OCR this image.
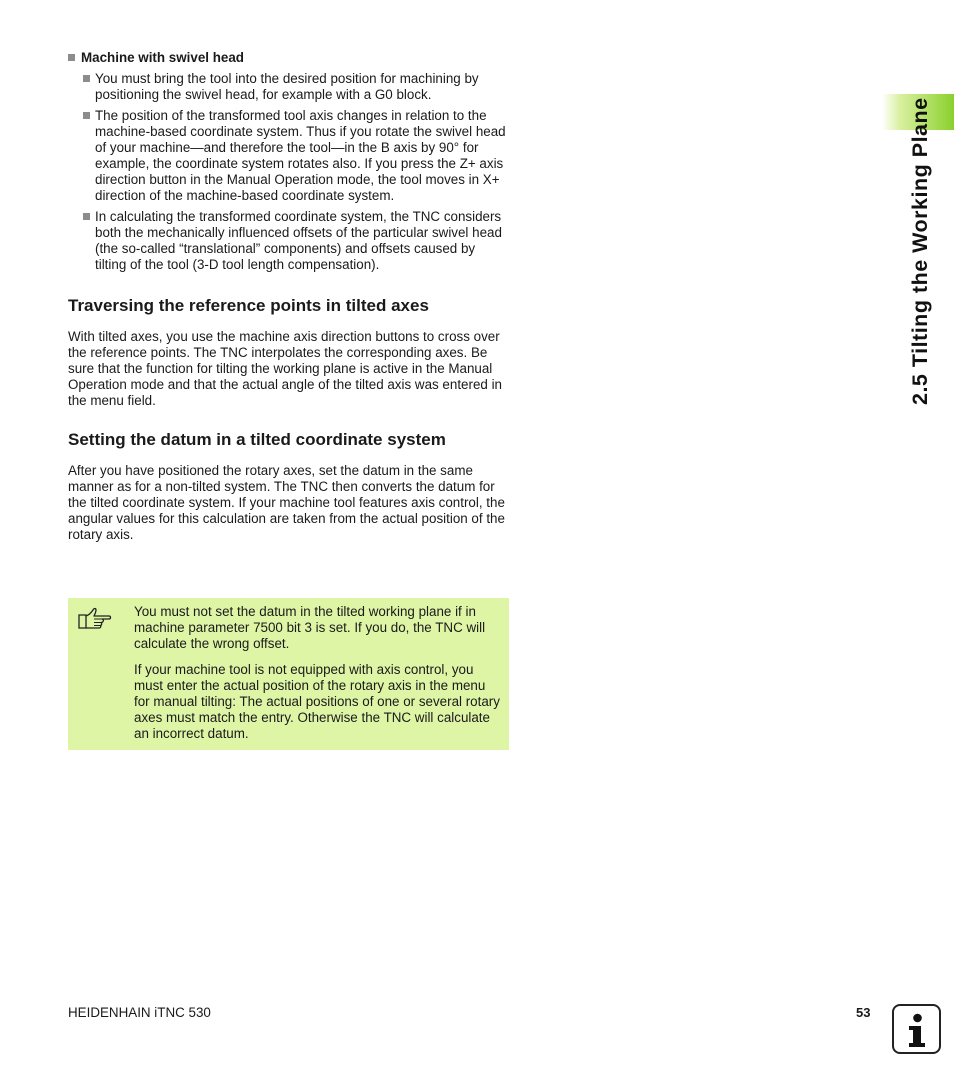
2.5 Tilting the Working Plane
Machine with swivel head
You must bring the tool into the desired position for machining by positioning the swivel head, for example with a G0 block.
The position of the transformed tool axis changes in relation to the machine-based coordinate system. Thus if you rotate the swivel head of your machine—and therefore the tool—in the B axis by 90° for example, the coordinate system rotates also. If you press the Z+ axis direction button in the Manual Operation mode, the tool moves in X+ direction of the machine-based coordinate system.
In calculating the transformed coordinate system, the TNC considers both the mechanically influenced offsets of the particular swivel head (the so-called “translational” components) and offsets caused by tilting of the tool (3-D tool length compensation).
Traversing the reference points in tilted axes

With tilted axes, you use the machine axis direction buttons to cross over the reference points. The TNC interpolates the corresponding axes. Be sure that the function for tilting the working plane is active in the Manual Operation mode and that the actual angle of the tilted axis was entered in the menu field.

Setting the datum in a tilted coordinate system

After you have positioned the rotary axes, set the datum in the same manner as for a non-tilted system. The TNC then converts the datum for the tilted coordinate system. If your machine tool features axis control, the angular values for this calculation are taken from the actual position of the rotary axis.

You must not set the datum in the tilted working plane if in machine parameter 7500 bit 3 is set. If you do, the TNC will calculate the wrong offset.

If your machine tool is not equipped with axis control, you must enter the actual position of the rotary axis in the menu for manual tilting: The actual positions of one or several rotary axes must match the entry. Otherwise the TNC will calculate an incorrect datum.

HEIDENHAIN iTNC 530	53
